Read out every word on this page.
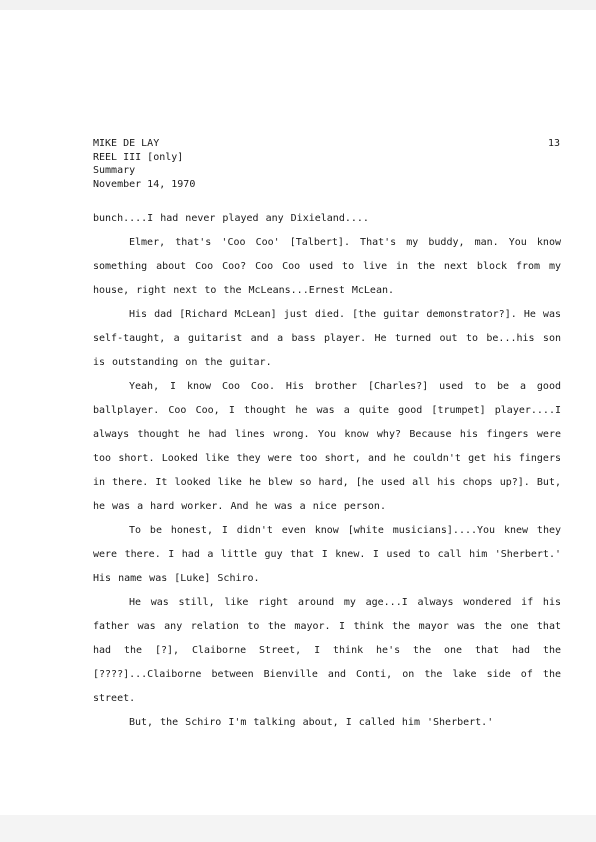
MIKE DE LAY
REEL III [only]
Summary
November 14, 1970
13

bunch....I had never played any Dixieland....

Elmer, that's 'Coo Coo' [Talbert]. That's my buddy, man. You know something about Coo Coo? Coo Coo used to live in the next block from my house, right next to the McLeans...Ernest McLean.

His dad [Richard McLean] just died. [the guitar demonstrator?]. He was self-taught, a guitarist and a bass player. He turned out to be...his son is outstanding on the guitar.

Yeah, I know Coo Coo. His brother [Charles?] used to be a good ballplayer. Coo Coo, I thought he was a quite good [trumpet] player....I always thought he had lines wrong. You know why? Because his fingers were too short. Looked like they were too short, and he couldn't get his fingers in there. It looked like he blew so hard, [he used all his chops up?]. But, he was a hard worker. And he was a nice person.

To be honest, I didn't even know [white musicians]....You knew they were there. I had a little guy that I knew. I used to call him 'Sherbert.' His name was [Luke] Schiro.

He was still, like right around my age...I always wondered if his father was any relation to the mayor. I think the mayor was the one that had the [?], Claiborne Street, I think he's the one that had the [????]...Claiborne between Bienville and Conti, on the lake side of the street.

But, the Schiro I'm talking about, I called him 'Sherbert.'
